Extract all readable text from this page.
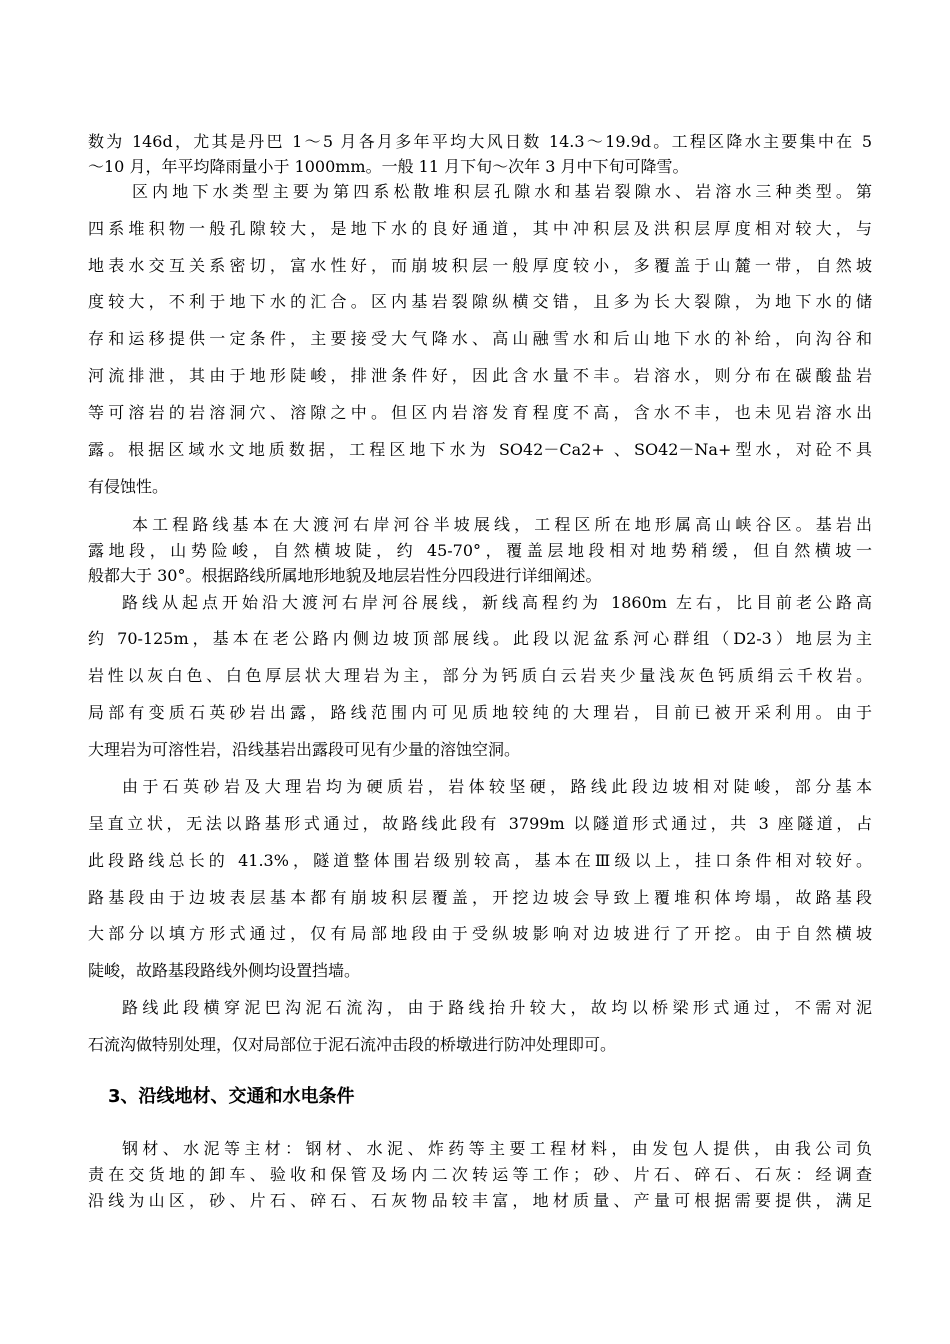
数为 146d，尤其是丹巴 1～5 月各月多年平均大风日数 14.3～19.9d。工程区降水主要集中在 5
～10 月，年平均降雨量小于 1000mm。一般 11 月下旬～次年 3 月中下旬可降雪。
区内地下水类型主要为第四系松散堆积层孔隙水和基岩裂隙水、岩溶水三种类型。第
四系堆积物一般孔隙较大，是地下水的良好通道，其中冲积层及洪积层厚度相对较大，与
地表水交互关系密切，富水性好，而崩坡积层一般厚度较小，多覆盖于山麓一带，自然坡
度较大，不利于地下水的汇合。区内基岩裂隙纵横交错，且多为长大裂隙，为地下水的储
存和运移提供一定条件，主要接受大气降水、高山融雪水和后山地下水的补给，向沟谷和
河流排泄，其由于地形陡峻，排泄条件好，因此含水量不丰。岩溶水，则分布在碳酸盐岩
等可溶岩的岩溶洞穴、溶隙之中。但区内岩溶发育程度不高，含水不丰，也未见岩溶水出
露。根据区域水文地质数据，工程区地下水为 SO42－Ca2+ 、SO42－Na+型水，对砼不具
有侵蚀性。
本工程路线基本在大渡河右岸河谷半坡展线，工程区所在地形属高山峡谷区。基岩出
露地段，山势险峻，自然横坡陡，约 45-70°，覆盖层地段相对地势稍缓，但自然横坡一
般都大于 30°。根据路线所属地形地貌及地层岩性分四段进行详细阐述。
路线从起点开始沿大渡河右岸河谷展线，新线高程约为 1860m 左右，比目前老公路高
约 70-125m，基本在老公路内侧边坡顶部展线。此段以泥盆系河心群组（D2-3）地层为主
岩性以灰白色、白色厚层状大理岩为主，部分为钙质白云岩夹少量浅灰色钙质绢云千枚岩。
局部有变质石英砂岩出露，路线范围内可见质地较纯的大理岩，目前已被开采利用。由于
大理岩为可溶性岩，沿线基岩出露段可见有少量的溶蚀空洞。
由于石英砂岩及大理岩均为硬质岩，岩体较坚硬，路线此段边坡相对陡峻，部分基本
呈直立状，无法以路基形式通过，故路线此段有 3799m 以隧道形式通过，共 3 座隧道，占
此段路线总长的 41.3%，隧道整体围岩级别较高，基本在Ⅲ级以上，挂口条件相对较好。
路基段由于边坡表层基本都有崩坡积层覆盖，开挖边坡会导致上覆堆积体垮塌，故路基段
大部分以填方形式通过，仅有局部地段由于受纵坡影响对边坡进行了开挖。由于自然横坡
陡峻，故路基段路线外侧均设置挡墙。
路线此段横穿泥巴沟泥石流沟，由于路线抬升较大，故均以桥梁形式通过，不需对泥
石流沟做特别处理，仅对局部位于泥石流冲击段的桥墩进行防冲处理即可。
3、沿线地材、交通和水电条件
钢材、水泥等主材：钢材、水泥、炸药等主要工程材料，由发包人提供，由我公司负
责在交货地的卸车、验收和保管及场内二次转运等工作；砂、片石、碎石、石灰：经调查
沿线为山区，砂、片石、碎石、石灰物品较丰富，地材质量、产量可根据需要提供，满足
